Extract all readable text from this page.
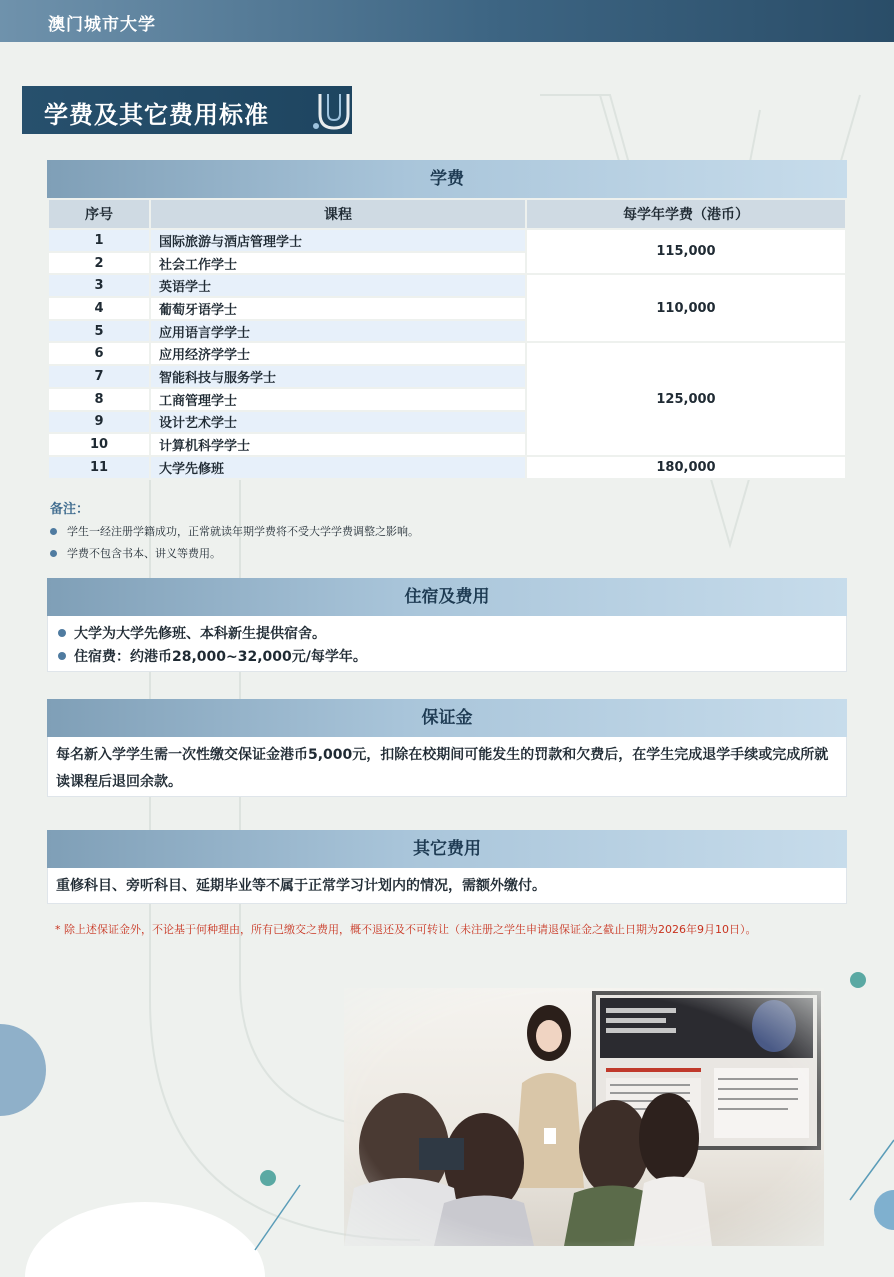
澳门城市大学
学费及其它费用标准
学费
序号	课程	每学年学费（港币）
1	国际旅游与酒店管理学士	115,000
2	社会工作学士	
3	英语学士	110,000
4	葡萄牙语学士	
5	应用语言学学士	
6	应用经济学学士	125,000
7	智能科技与服务学士	
8	工商管理学士	
9	设计艺术学士	
10	计算机科学学士	
11	大学先修班	180,000
备注：
学生一经注册学籍成功，正常就读年期学费将不受大学学费调整之影响。
学费不包含书本、讲义等费用。
住宿及费用
大学为大学先修班、本科新生提供宿舍。
住宿费：约港币28,000~32,000元/每学年。
保证金
每名新入学学生需一次性缴交保证金港币5,000元，扣除在校期间可能发生的罚款和欠费后，在学生完成退学手续或完成所就读课程后退回余款。
其它费用
重修科目、旁听科目、延期毕业等不属于正常学习计划内的情况，需额外缴付。
* 除上述保证金外，不论基于何种理由，所有已缴交之费用，概不退还及不可转让（未注册之学生申请退保证金之截止日期为2026年9月10日）。
